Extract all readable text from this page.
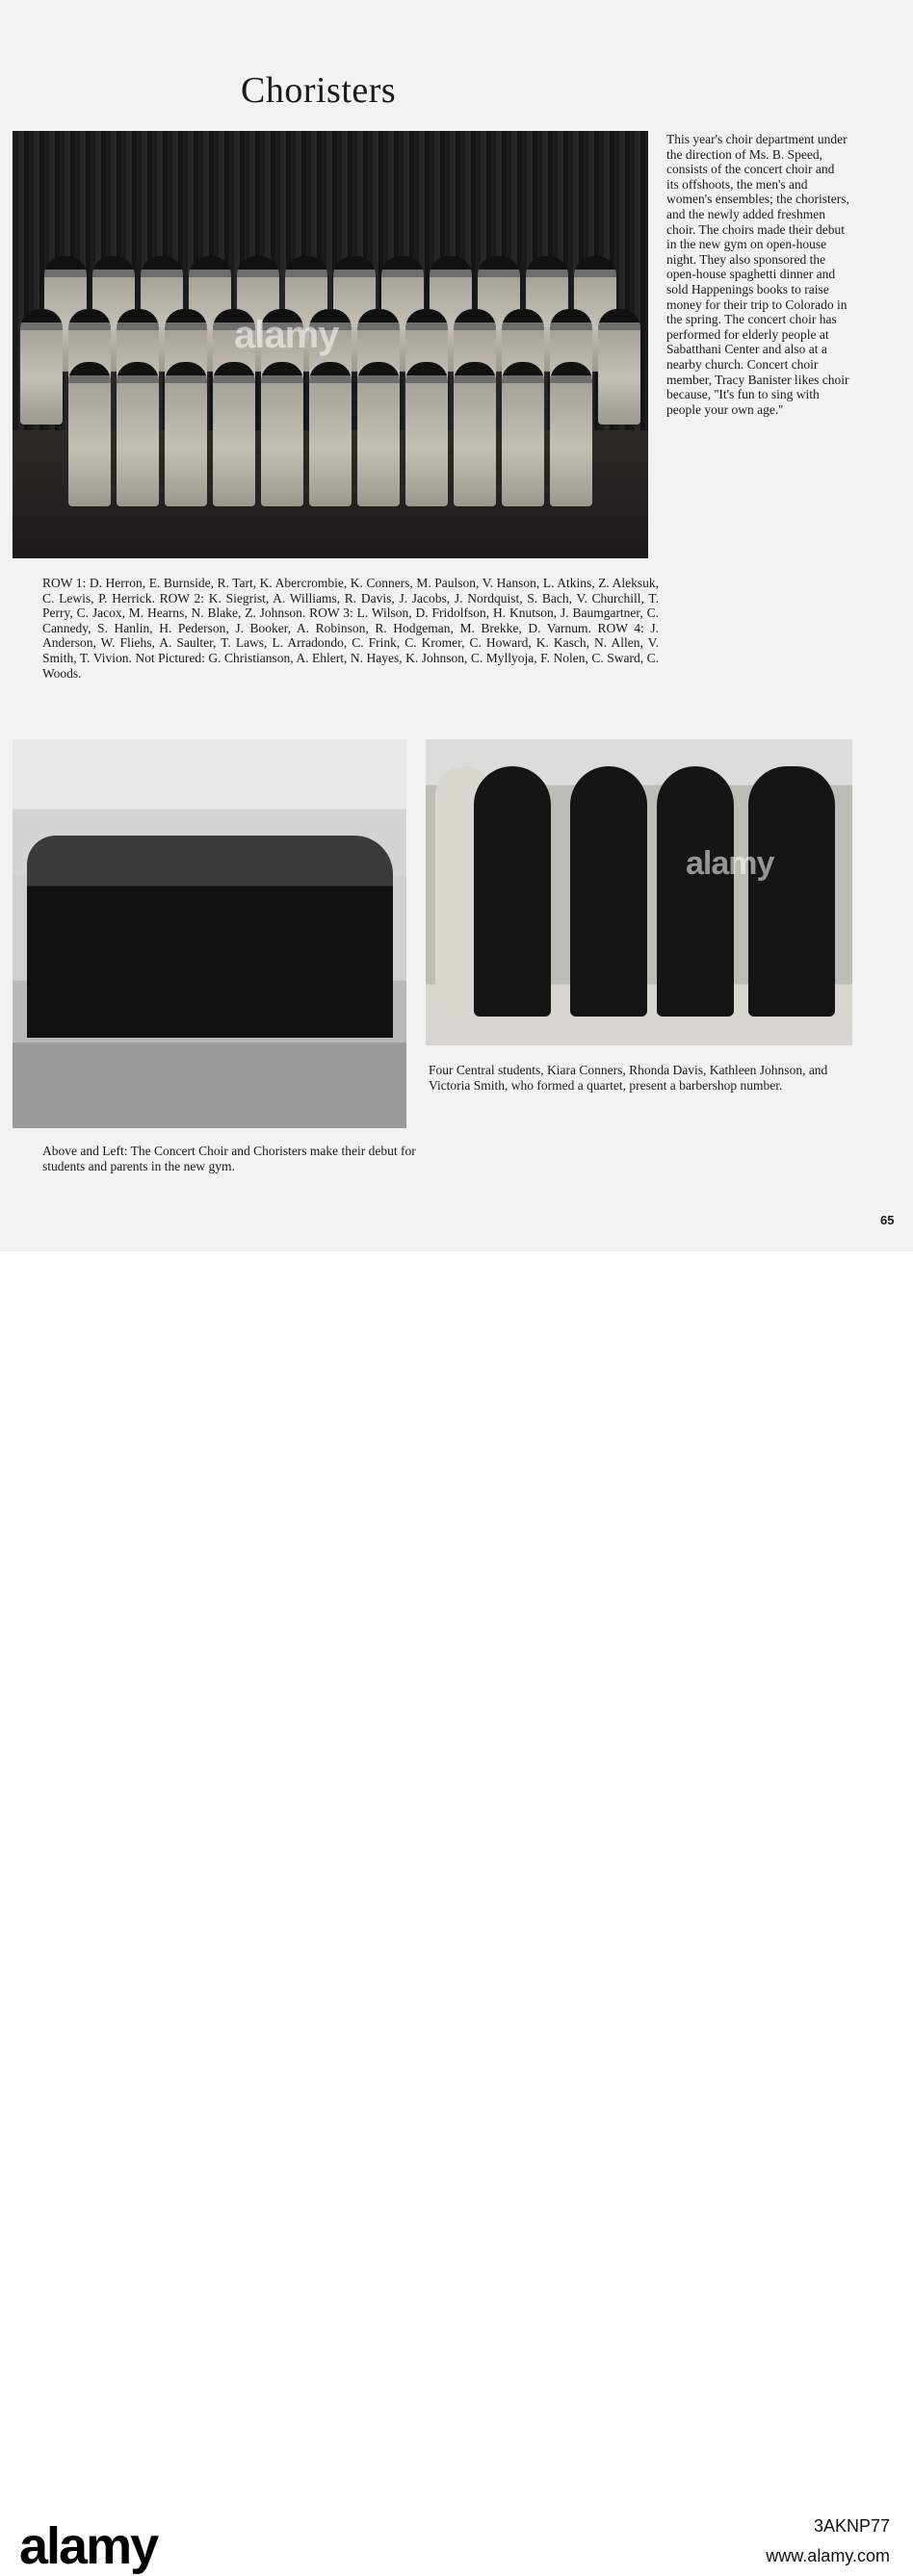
Choristers
alamy
This year's choir department under the direction of Ms. B. Speed, consists of the concert choir and its offshoots, the men's and women's ensembles; the choristers, and the newly added freshmen choir. The choirs made their debut in the new gym on open-house night. They also sponsored the open-house spaghetti dinner and sold Happenings books to raise money for their trip to Colorado in the spring. The concert choir has performed for elderly people at Sabatthani Center and also at a nearby church. Concert choir member, Tracy Banister likes choir because, ''It's fun to sing with people your own age.''
ROW 1: D. Herron, E. Burnside, R. Tart, K. Abercrombie, K. Conners, M. Paulson, V. Hanson, L. Atkins, Z. Aleksuk, C. Lewis, P. Herrick. ROW 2: K. Siegrist, A. Williams, R. Davis, J. Jacobs, J. Nordquist, S. Bach, V. Churchill, T. Perry, C. Jacox, M. Hearns, N. Blake, Z. Johnson. ROW 3: L. Wilson, D. Fridolfson, H. Knutson, J. Baumgartner, C. Cannedy, S. Hanlin, H. Pederson, J. Booker, A. Robinson, R. Hodgeman, M. Brekke, D. Varnum. ROW 4: J. Anderson, W. Fliehs, A. Saulter, T. Laws, L. Arradondo, C. Frink, C. Kromer, C. Howard, K. Kasch, N. Allen, V. Smith, T. Vivion. Not Pictured: G. Christianson, A. Ehlert, N. Hayes, K. Johnson, C. Myllyoja, F. Nolen, C. Sward, C. Woods.
alamy
Four Central students, Kiara Conners, Rhonda Davis, Kathleen Johnson, and Victoria Smith, who formed a quartet, present a barbershop number.
Above and Left: The Concert Choir and Choristers make their debut for students and parents in the new gym.
65
alamy	3AKNP77
www.alamy.com
